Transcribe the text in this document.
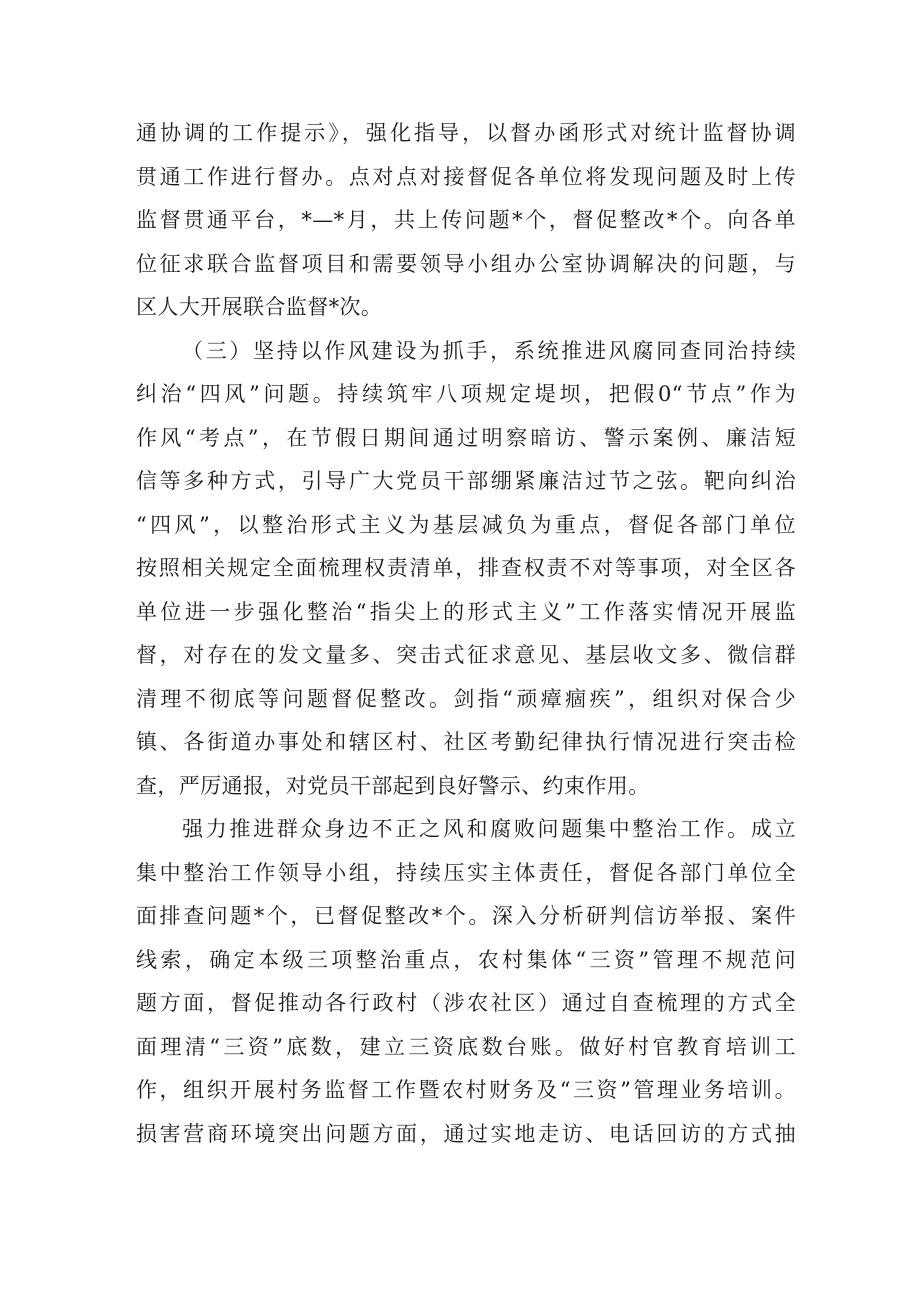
通协调的工作提示》，强化指导，以督办函形式对统计监督协调
贯通工作进行督办。点对点对接督促各单位将发现问题及时上传
监督贯通平台，*—*月，共上传问题*个，督促整改*个。向各单
位征求联合监督项目和需要领导小组办公室协调解决的问题，与
区人大开展联合监督*次。
（三）坚持以作风建设为抓手，系统推进风腐同查同治持续
纠治“四风”问题。持续筑牢八项规定堤坝，把假0“节点”作为
作风“考点”，在节假日期间通过明察暗访、警示案例、廉洁短
信等多种方式，引导广大党员干部绷紧廉洁过节之弦。靶向纠治
“四风”，以整治形式主义为基层减负为重点，督促各部门单位
按照相关规定全面梳理权责清单，排查权责不对等事项，对全区各
单位进一步强化整治“指尖上的形式主义”工作落实情况开展监
督，对存在的发文量多、突击式征求意见、基层收文多、微信群
清理不彻底等问题督促整改。剑指“顽瘴痼疾”，组织对保合少
镇、各街道办事处和辖区村、社区考勤纪律执行情况进行突击检
查，严厉通报，对党员干部起到良好警示、约束作用。
强力推进群众身边不正之风和腐败问题集中整治工作。成立
集中整治工作领导小组，持续压实主体责任，督促各部门单位全
面排查问题*个，已督促整改*个。深入分析研判信访举报、案件
线索，确定本级三项整治重点，农村集体“三资”管理不规范问
题方面，督促推动各行政村（涉农社区）通过自查梳理的方式全
面理清“三资”底数，建立三资底数台账。做好村官教育培训工
作，组织开展村务监督工作暨农村财务及“三资”管理业务培训。
损害营商环境突出问题方面，通过实地走访、电话回访的方式抽
